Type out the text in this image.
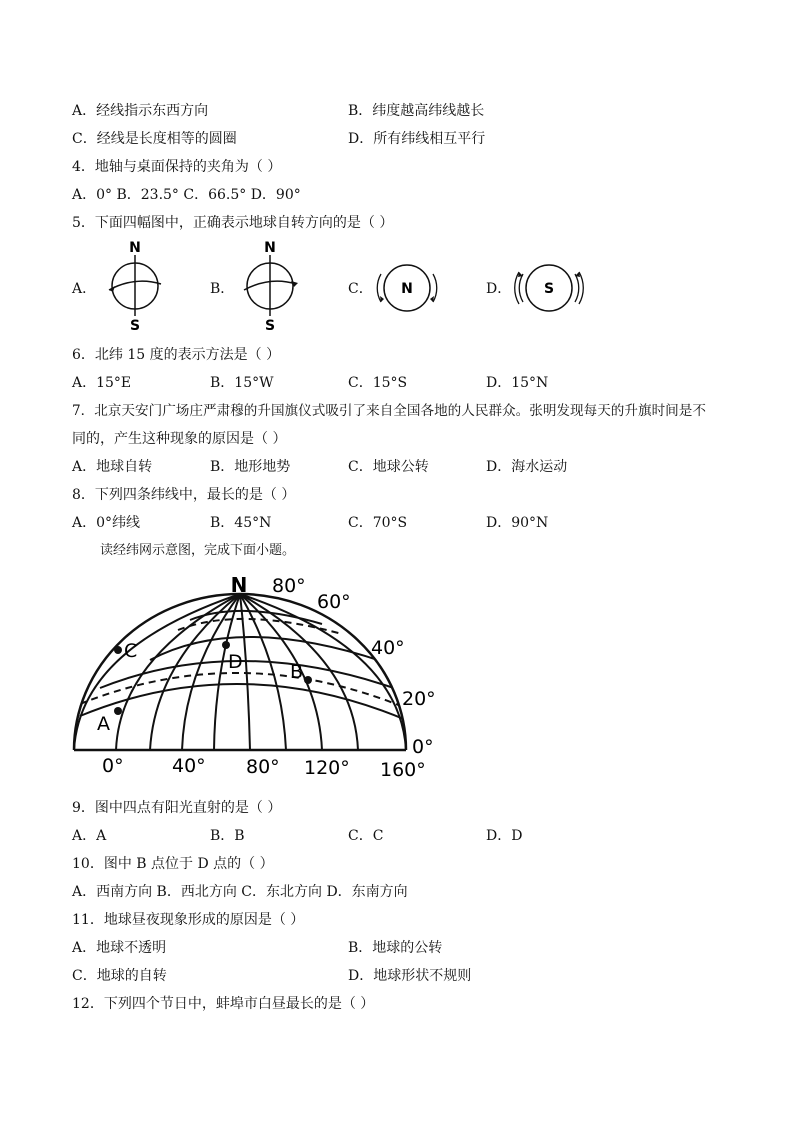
A．经线指示东西方向	B．纬度越高纬线越长
C．经线是长度相等的圆圈	D．所有纬线相互平行
4．地轴与桌面保持的夹角为（ ）
A．0° B．23.5° C．66.5° D．90°
5．下面四幅图中，正确表示地球自转方向的是（ ）
A．	B．	C．	D．
N
S
N
S
N	S
6．北纬 15 度的表示方法是（ ）
A．15°E	B．15°W	C．15°S	D．15°N
7．北京天安门广场庄严肃穆的升国旗仪式吸引了来自全国各地的人民群众。张明发现每天的升旗时间是不
同的，产生这种现象的原因是（ ）
A．地球自转	B．地形地势	C．地球公转	D．海水运动
8．下列四条纬线中，最长的是（ ）
A．0°纬线	B．45°N	C．70°S	D．90°N
读经纬网示意图，完成下面小题。
N 80°
60°
40°
20°
0°
0°	40° 80° 120° 160°
A
B
C	D
9．图中四点有阳光直射的是（ ）
A．A	B．B	C．C	D．D
10．图中 B 点位于 D 点的（ ）
A．西南方向 B．西北方向 C．东北方向 D．东南方向
11．地球昼夜现象形成的原因是（ ）
A．地球不透明	B．地球的公转
C．地球的自转	D．地球形状不规则
12．下列四个节日中，蚌埠市白昼最长的是（ ）
